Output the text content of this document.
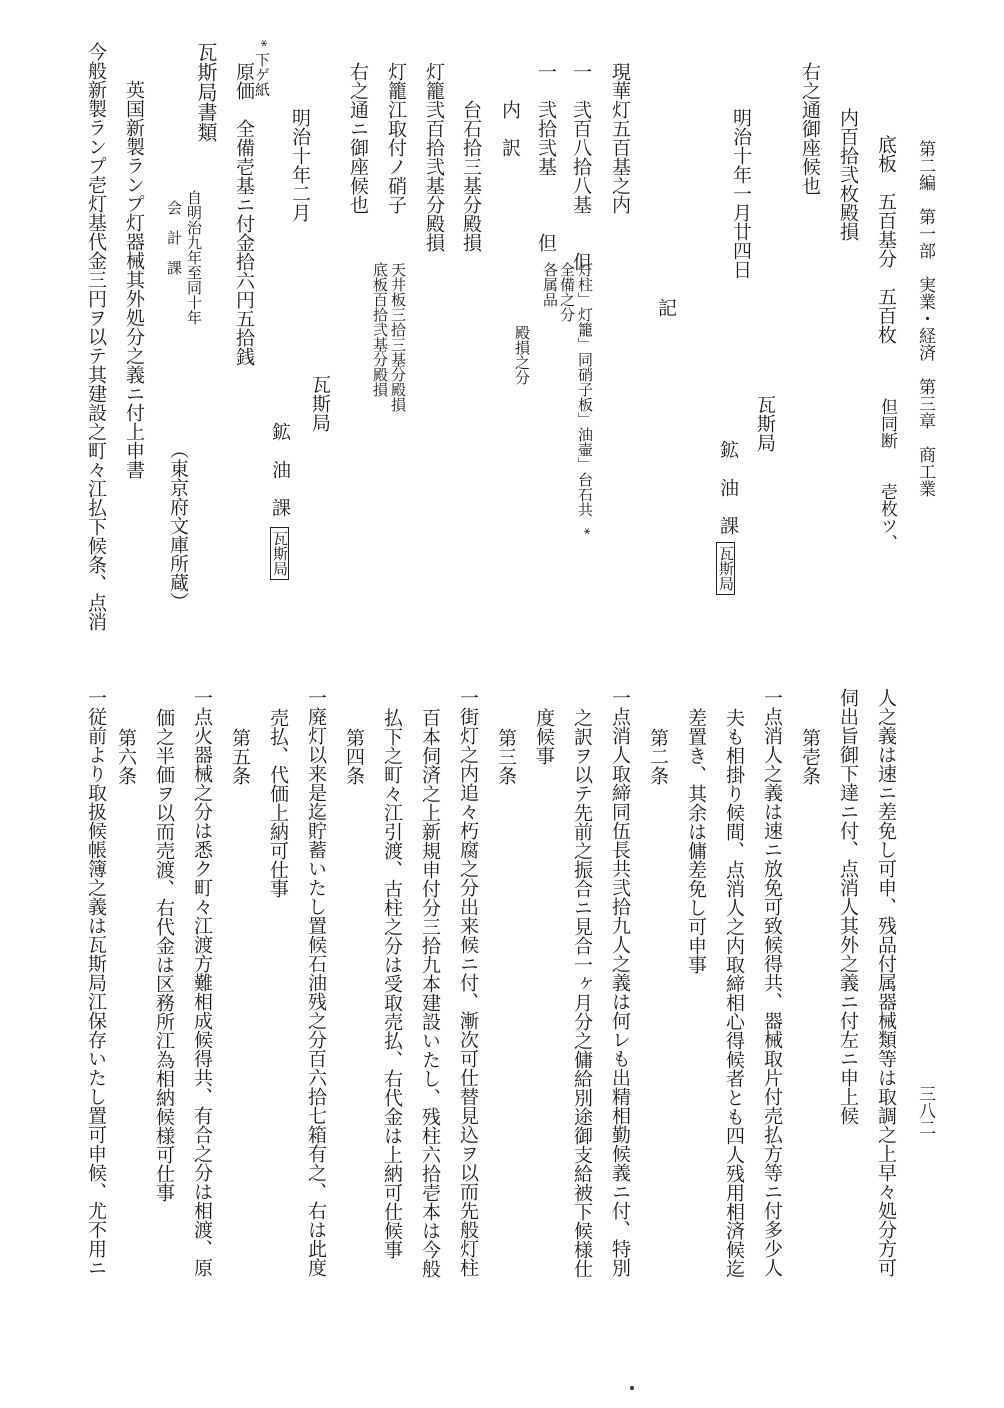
第二編　第一部　実業・経済　第三章　商工業
三八二
底板　五百基分　五百枚
但同断　　壱枚ツ、
内百拾弐枚殿損
右之通御座候也
明治十年一月廿四日
瓦斯局
鉱　油　課
瓦斯局
記
現華灯五百基之内
一　弐百八拾八基　　但
灯柱」灯籠」同硝子板」油壷」台石共
全備之分
*
一　弐拾弐基　　　但
各属品
殿損之分
内　訳
台石拾三基分殿損
灯籠弐百拾弐基分殿損
灯籠江取付ノ硝子
天井板三拾三基分殿損
底板百拾弐基分殿損
右之通ニ御座候也
明治十年二月
瓦斯局
鉱　油　課
瓦斯局
*
下ゲ紙
原価　全備壱基ニ付金拾六円五拾銭
瓦斯局書類
自明治九年至同十年
会　計　課
（東京府文庫所蔵）
英国新製ランプ灯器械其外処分之義ニ付上申書
今般新製ランプ壱灯基代金三円ヲ以テ其建設之町々江払下候条、点消
人之義は速ニ差免し可申、残品付属器械類等は取調之上早々処分方可
伺出旨御下達ニ付、点消人其外之義ニ付左ニ申上候
第壱条
一点消人之義は速ニ放免可致候得共、器械取片付売払方等ニ付多少人
夫も相掛り候間、点消人之内取締相心得候者とも四人残用相済候迄
差置き、其余は傭差免し可申事
第二条
一点消人取締同伍長共弐拾九人之義は何レも出精相勤候義ニ付、特別
之訳ヲ以テ先前之振合ニ見合一ヶ月分之傭給別途御支給被下候様仕
度候事
第三条
一街灯之内追々朽腐之分出来候ニ付、漸次可仕替見込ヲ以而先般灯柱
百本伺済之上新規申付分三拾九本建設いたし、残柱六拾壱本は今般
払下之町々江引渡、古柱之分は受取売払、右代金は上納可仕候事
第四条
一廃灯以来是迄貯蓄いたし置候石油残之分百六拾七箱有之、右は此度
売払、代価上納可仕事
第五条
一点火器械之分は悉ク町々江渡方難相成候得共、有合之分は相渡、原
価之半価ヲ以而売渡、右代金は区務所江為相納候様可仕事
第六条
一従前より取扱候帳簿之義は瓦斯局江保存いたし置可申候、尤不用ニ
